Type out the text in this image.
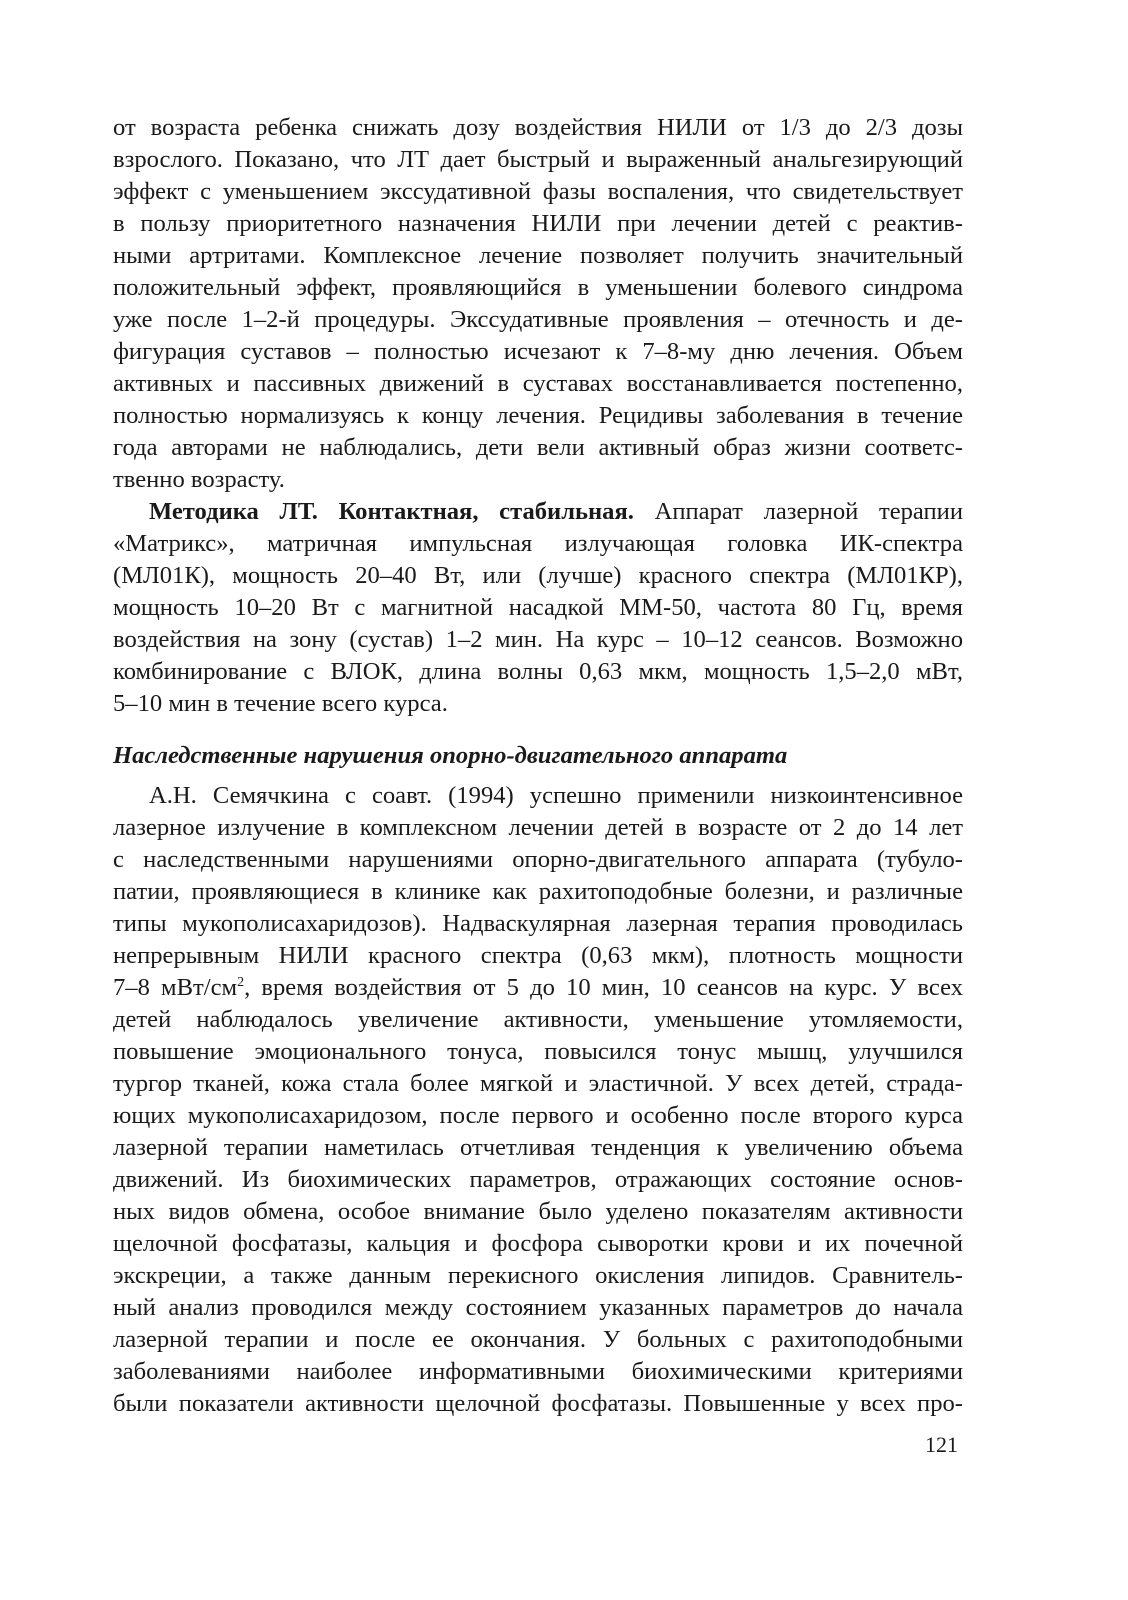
от возраста ребенка снижать дозу воздействия НИЛИ от 1/3 до 2/3 дозы
взрослого. Показано, что ЛТ дает быстрый и выраженный анальгезирующий
эффект с уменьшением экссудативной фазы воспаления, что свидетельствует
в пользу приоритетного назначения НИЛИ при лечении детей с реактив-
ными артритами. Комплексное лечение позволяет получить значительный
положительный эффект, проявляющийся в уменьшении болевого синдрома
уже после 1–2-й процедуры. Экссудативные проявления – отечность и де-
фигурация суставов – полностью исчезают к 7–8-му дню лечения. Объем
активных и пассивных движений в суставах восстанавливается постепенно,
полностью нормализуясь к концу лечения. Рецидивы заболевания в течение
года авторами не наблюдались, дети вели активный образ жизни соответс-
твенно возрасту.
Методика ЛТ. Контактная, стабильная. Аппарат лазерной терапии
«Матрикс», матричная импульсная излучающая головка ИК-спектра
(МЛ01К), мощность 20–40 Вт, или (лучше) красного спектра (МЛ01КР),
мощность 10–20 Вт с магнитной насадкой ММ-50, частота 80 Гц, время
воздействия на зону (сустав) 1–2 мин. На курс – 10–12 сеансов. Возможно
комбинирование с ВЛОК, длина волны 0,63 мкм, мощность 1,5–2,0 мВт,
5–10 мин в течение всего курса.
Наследственные нарушения опорно-двигательного аппарата
А.Н. Семячкина с соавт. (1994) успешно применили низкоинтенсивное
лазерное излучение в комплексном лечении детей в возрасте от 2 до 14 лет
с наследственными нарушениями опорно-двигательного аппарата (тубуло-
патии, проявляющиеся в клинике как рахитоподобные болезни, и различные
типы мукополисахаридозов). Надваскулярная лазерная терапия проводилась
непрерывным НИЛИ красного спектра (0,63 мкм), плотность мощности
7–8 мВт/$см^2$, время воздействия от 5 до 10 мин, 10 сеансов на курс. У всех
детей наблюдалось увеличение активности, уменьшение утомляемости,
повышение эмоционального тонуса, повысился тонус мышц, улучшился
тургор тканей, кожа стала более мягкой и эластичной. У всех детей, страда-
ющих мукополисахаридозом, после первого и особенно после второго курса
лазерной терапии наметилась отчетливая тенденция к увеличению объема
движений. Из биохимических параметров, отражающих состояние основ-
ных видов обмена, особое внимание было уделено показателям активности
щелочной фосфатазы, кальция и фосфора сыворотки крови и их почечной
экскреции, а также данным перекисного окисления липидов. Сравнитель-
ный анализ проводился между состоянием указанных параметров до начала
лазерной терапии и после ее окончания. У больных с рахитоподобными
заболеваниями наиболее информативными биохимическими критериями
были показатели активности щелочной фосфатазы. Повышенные у всех про-
121
